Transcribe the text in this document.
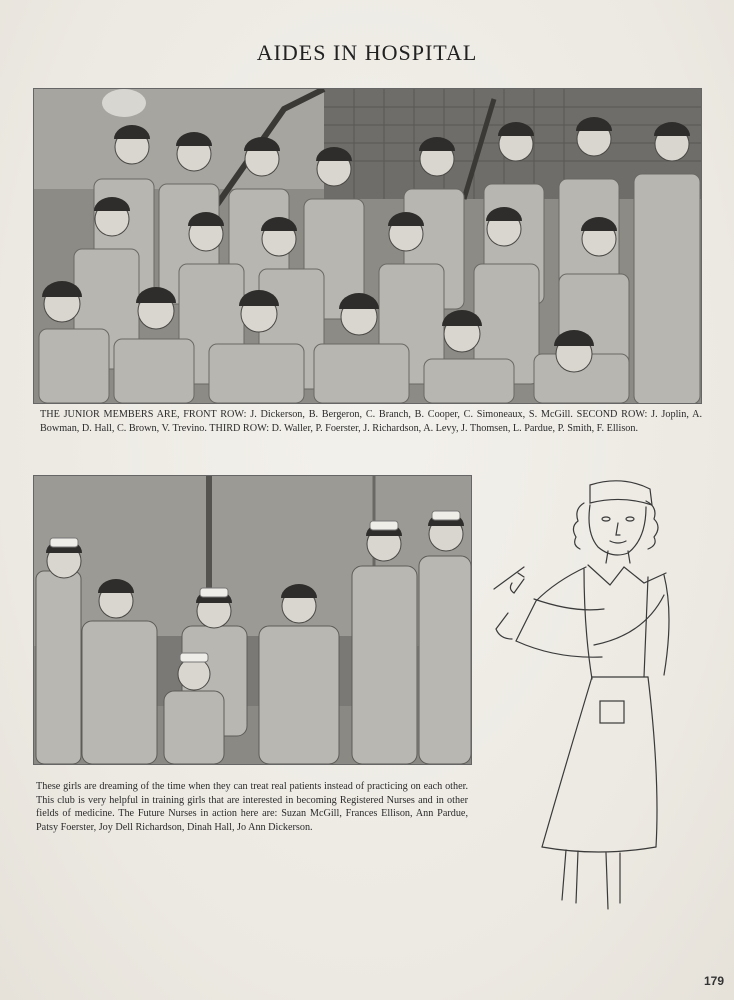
AIDES IN HOSPITAL
THE JUNIOR MEMBERS ARE, FRONT ROW: J. Dickerson, B. Bergeron, C. Branch, B. Cooper, C. Simoneaux, S. McGill. SECOND ROW: J. Joplin, A. Bowman, D. Hall, C. Brown, V. Trevino. THIRD ROW: D. Waller, P. Foerster, J. Richardson, A. Levy, J. Thomsen, L. Pardue, P. Smith, F. Ellison.
These girls are dreaming of the time when they can treat real patients instead of practicing on each other. This club is very helpful in training girls that are interested in becoming Registered Nurses and in other fields of medicine. The Future Nurses in action here are: Suzan McGill, Frances Ellison, Ann Pardue, Patsy Foerster, Joy Dell Richardson, Dinah Hall, Jo Ann Dickerson.
179
